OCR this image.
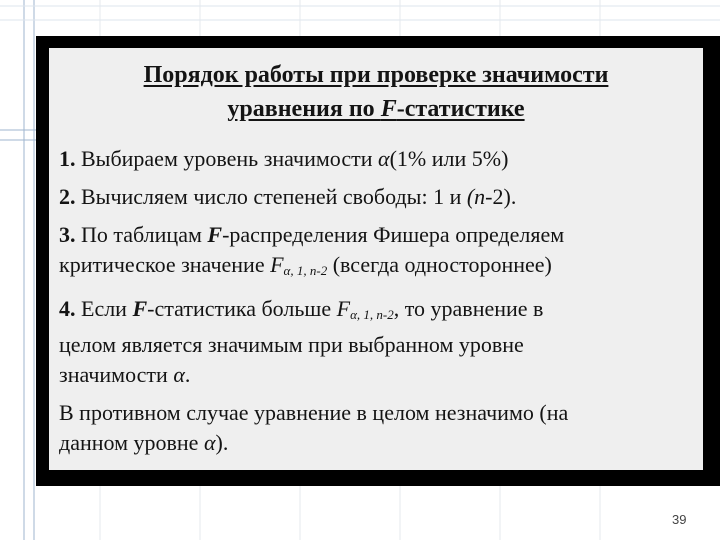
Порядок работы при проверке значимости
уравнения по F-статистике
1. Выбираем уровень значимости α(1% или 5%)
2. Вычисляем число степеней свободы: 1 и (n-2).
3. По таблицам F-распределения Фишера определяем
критическое значение $F_{\alpha, 1, n-2}$ (всегда одностороннее)
4. Если F-статистика больше $F_{\alpha, 1, n-2}$, то уравнение в
целом является значимым при выбранном уровне
значимости α.
В противном случае уравнение в целом незначимо (на
данном уровне α).
39
